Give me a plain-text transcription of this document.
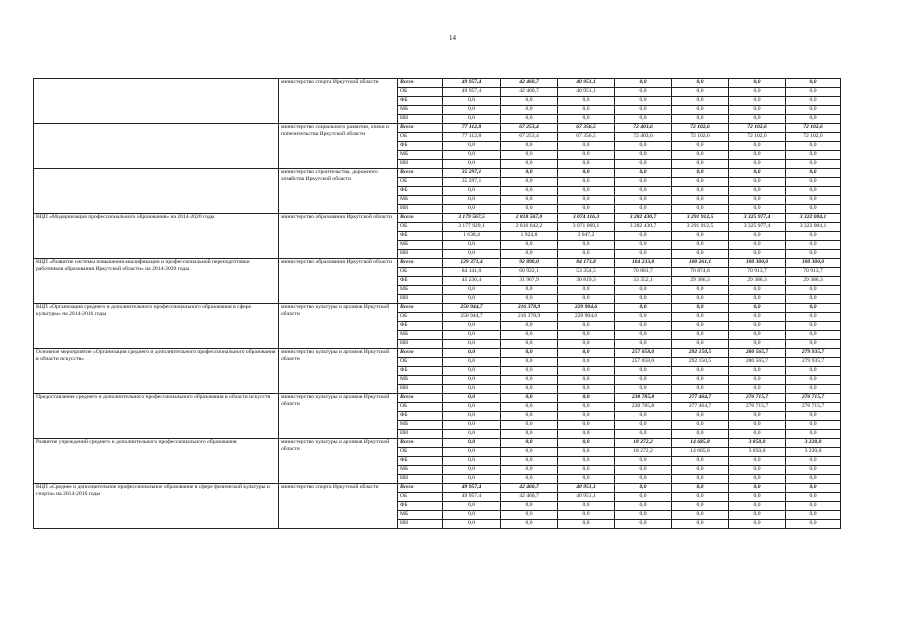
14
	министерство спорта Иркутской области	Всего	49 957,4	42 460,7	40 951,1	0,0	0,0	0,0	0,0
		ОБ	49 957,4	42 460,7	40 951,1	0,0	0,0	0,0	0,0
		ФБ	0,0	0,0	0,0	0,0	0,0	0,0	0,0
		МБ	0,0	0,0	0,0	0,0	0,0	0,0	0,0
		ИИ	0,0	0,0	0,0	0,0	0,0	0,0	0,0
	министерство социального развития, опеки и попечительства Иркутской области	Всего	77 112,8	67 253,4	67 356,5	72 403,6	72 102,6	72 102,6	72 102,6
		ОБ	77 112,8	67 253,4	67 356,5	72 403,6	72 102,6	72 102,6	72 102,6
		ФБ	0,0	0,0	0,0	0,0	0,0	0,0	0,0
		МБ	0,0	0,0	0,0	0,0	0,0	0,0	0,0
		ИИ	0,0	0,0	0,0	0,0	0,0	0,0	0,0
	министерство строительства, дорожного хозяйства Иркутской области	Всего	35 297,1	0,0	0,0	0,0	0,0	0,0	0,0
		ОБ	35 297,1	0,0	0,0	0,0	0,0	0,0	0,0
		ФБ	0,0	0,0	0,0	0,0	0,0	0,0	0,0
		МБ	0,0	0,0	0,0	0,0	0,0	0,0	0,0
		ИИ	0,0	0,0	0,0	0,0	0,0	0,0	0,0
ВЦП «Модернизация профессионального образования» на 2014-2020 годы	министерство образования Иркутской области	Всего	3 179 567,5	2 818 567,0	3 074 116,3	3 282 430,7	3 291 912,5	3 325 977,4	3 322 004,1
		ОБ	3 177 929,1	2 816 642,2	3 071 069,1	3 282 430,7	3 291 912,5	3 325 977,4	3 322 004,1
		ФБ	1 638,4	1 924,8	3 047,2	0,0	0,0	0,0	0,0
		МБ	0,0	0,0	0,0	0,0	0,0	0,0	0,0
		ИИ	0,0	0,0	0,0	0,0	0,0	0,0	0,0
ВЦП «Развитие системы повышения квалификации и профессиональной переподготовки работников образования Иркутской области» на 2014-2020 годы	министерство образования Иркутской области	Всего	129 371,4	92 890,0	84 173,8	104 233,8	100 261,1	100 300,0	100 300,0
		ОБ	84 141,0	60 922,1	53 354,5	70 881,7	70 874,8	70 913,7	70 913,7
		ФБ	45 230,4	31 967,9	30 819,3	33 352,1	29 386,3	29 386,3	29 386,3
		МБ	0,0	0,0	0,0	0,0	0,0	0,0	0,0
		ИИ	0,0	0,0	0,0	0,0	0,0	0,0	0,0
ВЦП «Организация среднего и дополнительного профессионального образования в сфере культуры» на 2014-2016 годы	министерство культуры и архивов Иркутской области	Всего	250 944,7	216 378,9	229 904,6	0,0	0,0	0,0	0,0
		ОБ	250 944,7	216 378,9	229 904,6	0,0	0,0	0,0	0,0
		ФБ	0,0	0,0	0,0	0,0	0,0	0,0	0,0
		МБ	0,0	0,0	0,0	0,0	0,0	0,0	0,0
		ИИ	0,0	0,0	0,0	0,0	0,0	0,0	0,0
Основное мероприятие «Организация среднего и дополнительного профессионального образования в области искусств»	министерство культуры и архивов Иркутской области	Всего	0,0	0,0	0,0	257 058,0	292 150,5	280 565,7	279 935,7
		ОБ	0,0	0,0	0,0	257 058,0	292 150,5	280 565,7	279 935,7
		ФБ	0,0	0,0	0,0	0,0	0,0	0,0	0,0
		МБ	0,0	0,0	0,0	0,0	0,0	0,0	0,0
		ИИ	0,0	0,0	0,0	0,0	0,0	0,0	0,0
Предоставление среднего и дополнительного профессионального образования в области искусств	министерство культуры и архивов Иркутской области	Всего	0,0	0,0	0,0	238 785,8	277 464,7	276 715,7	276 715,7
		ОБ	0,0	0,0	0,0	238 785,8	277 464,7	276 715,7	276 715,7
		ФБ	0,0	0,0	0,0	0,0	0,0	0,0	0,0
		МБ	0,0	0,0	0,0	0,0	0,0	0,0	0,0
		ИИ	0,0	0,0	0,0	0,0	0,0	0,0	0,0
Развитие учреждений среднего и дополнительного профессионального образования	министерство культуры и архивов Иркутской области	Всего	0,0	0,0	0,0	18 272,2	14 685,8	3 850,0	3 220,0
		ОБ	0,0	0,0	0,0	18 272,2	14 685,8	3 850,0	3 220,0
		ФБ	0,0	0,0	0,0	0,0	0,0	0,0	0,0
		МБ	0,0	0,0	0,0	0,0	0,0	0,0	0,0
		ИИ	0,0	0,0	0,0	0,0	0,0	0,0	0,0
ВЦП «Среднее и дополнительное профессиональное образование в сфере физической культуры и спорта» на 2014-2016 годы	министерство спорта Иркутской области	Всего	49 957,4	42 460,7	40 951,1	0,0	0,0	0,0	0,0
		ОБ	49 957,4	42 460,7	40 951,1	0,0	0,0	0,0	0,0
		ФБ	0,0	0,0	0,0	0,0	0,0	0,0	0,0
		МБ	0,0	0,0	0,0	0,0	0,0	0,0	0,0
		ИИ	0,0	0,0	0,0	0,0	0,0	0,0	0,0
